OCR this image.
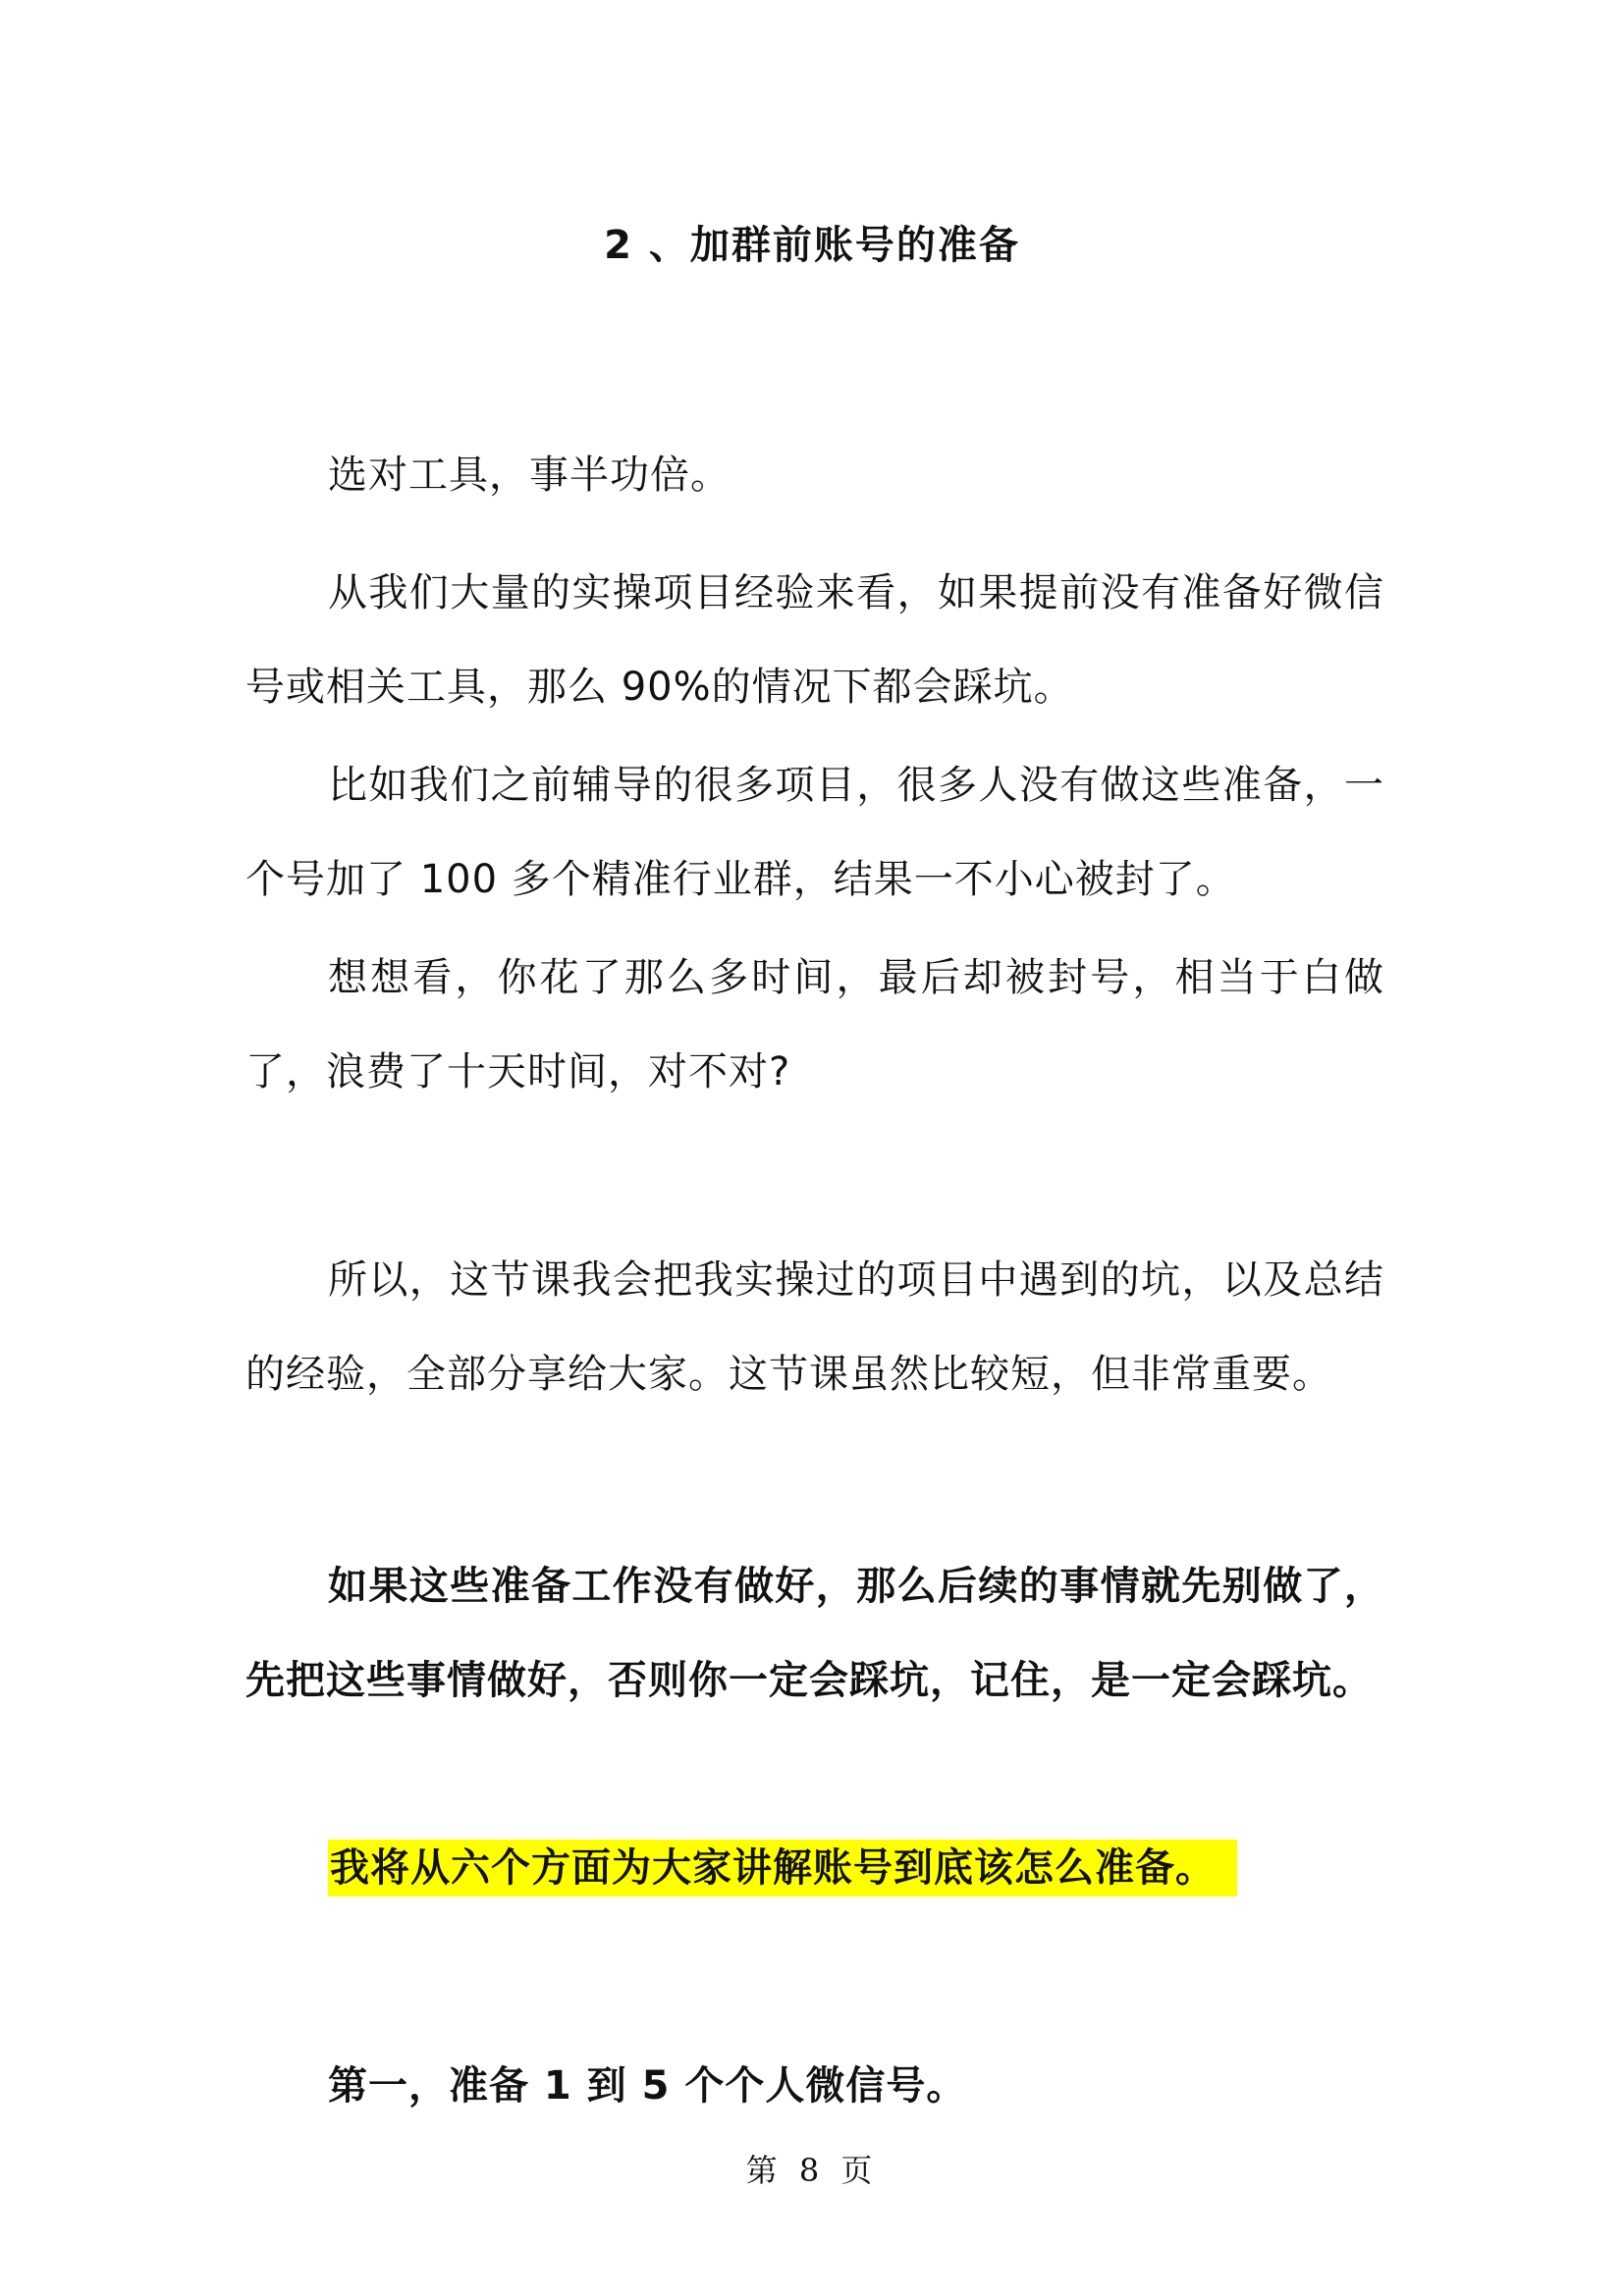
2 、加群前账号的准备
选对工具，事半功倍。
从我们大量的实操项目经验来看，如果提前没有准备好微信号或相关工具，那么 90%的情况下都会踩坑。
比如我们之前辅导的很多项目，很多人没有做这些准备，一个号加了 100 多个精准行业群，结果一不小心被封了。
想想看，你花了那么多时间，最后却被封号，相当于白做了，浪费了十天时间，对不对?
所以，这节课我会把我实操过的项目中遇到的坑，以及总结的经验，全部分享给大家。这节课虽然比较短，但非常重要。
如果这些准备工作没有做好，那么后续的事情就先别做了，先把这些事情做好，否则你一定会踩坑，记住，是一定会踩坑。
我将从六个方面为大家讲解账号到底该怎么准备。
第一，准备 1 到 5 个个人微信号。
第 8 页
